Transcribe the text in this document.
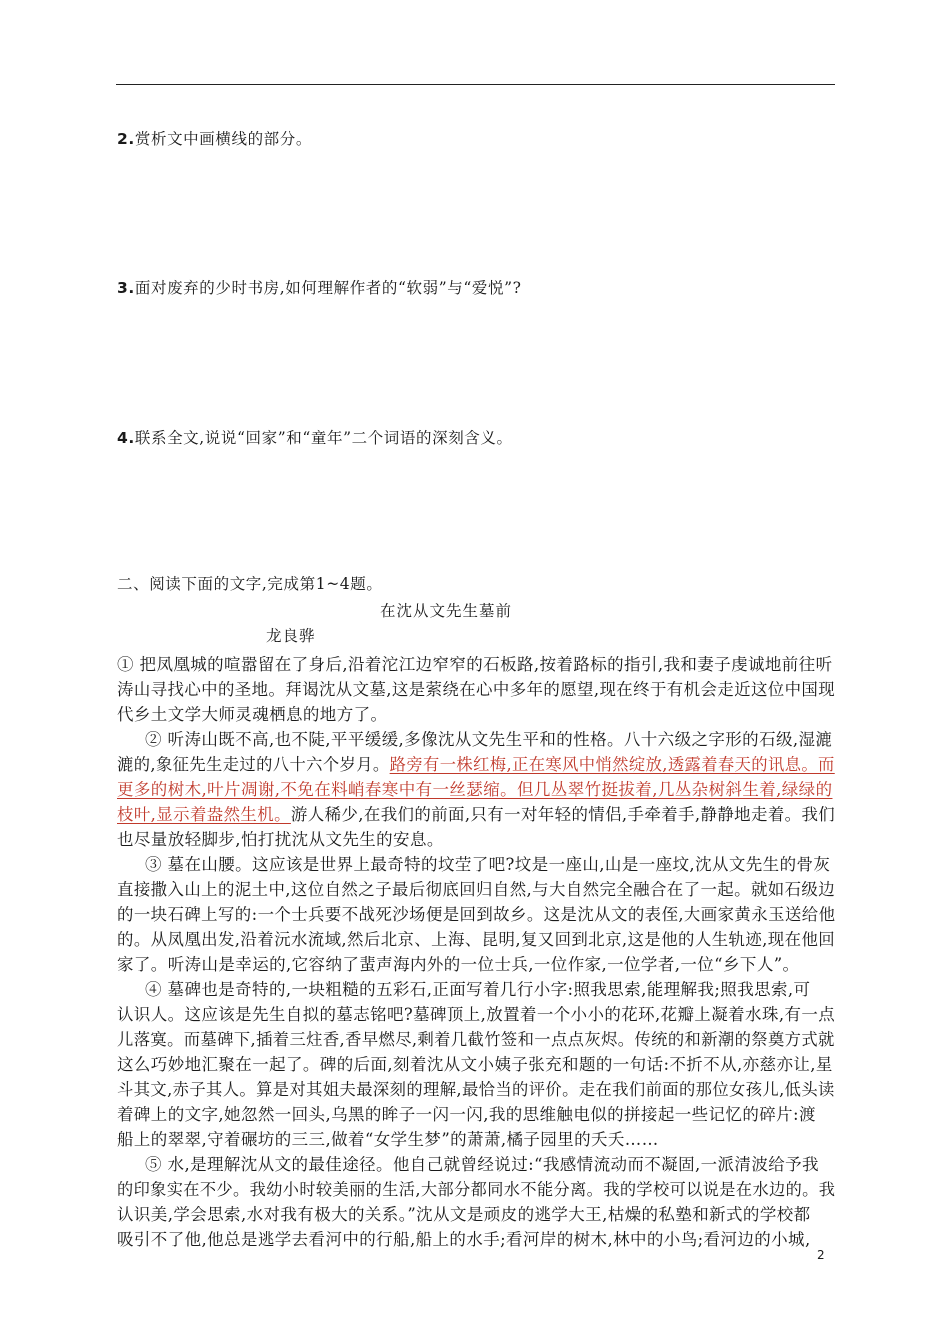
2.赏析文中画横线的部分。
3.面对废弃的少时书房,如何理解作者的“软弱”与“爱悦”?
4.联系全文,说说“回家”和“童年”二个词语的深刻含义。
二、阅读下面的文字,完成第1~4题。
在沈从文先生墓前
龙良骅
① 把凤凰城的喧嚣留在了身后,沿着沱江边窄窄的石板路,按着路标的指引,我和妻子虔诚地前往听
涛山寻找心中的圣地。拜谒沈从文墓,这是萦绕在心中多年的愿望,现在终于有机会走近这位中国现
代乡土文学大师灵魂栖息的地方了。
② 听涛山既不高,也不陡,平平缓缓,多像沈从文先生平和的性格。八十六级之字形的石级,湿漉
漉的,象征先生走过的八十六个岁月。路旁有一株红梅,正在寒风中悄然绽放,透露着春天的讯息。而
更多的树木,叶片凋谢,不免在料峭春寒中有一丝瑟缩。但几丛翠竹挺拔着,几丛杂树斜生着,绿绿的
枝叶,显示着盎然生机。游人稀少,在我们的前面,只有一对年轻的情侣,手牵着手,静静地走着。我们
也尽量放轻脚步,怕打扰沈从文先生的安息。
③ 墓在山腰。这应该是世界上最奇特的坟茔了吧?坟是一座山,山是一座坟,沈从文先生的骨灰
直接撒入山上的泥土中,这位自然之子最后彻底回归自然,与大自然完全融合在了一起。就如石级边
的一块石碑上写的:一个士兵要不战死沙场便是回到故乡。这是沈从文的表侄,大画家黄永玉送给他
的。从凤凰出发,沿着沅水流域,然后北京、上海、昆明,复又回到北京,这是他的人生轨迹,现在他回
家了。听涛山是幸运的,它容纳了蜚声海内外的一位士兵,一位作家,一位学者,一位“乡下人”。
④ 墓碑也是奇特的,一块粗糙的五彩石,正面写着几行小字:照我思索,能理解我;照我思索,可
认识人。这应该是先生自拟的墓志铭吧?墓碑顶上,放置着一个小小的花环,花瓣上凝着水珠,有一点
儿落寞。而墓碑下,插着三炷香,香早燃尽,剩着几截竹签和一点点灰烬。传统的和新潮的祭奠方式就
这么巧妙地汇聚在一起了。碑的后面,刻着沈从文小姨子张充和题的一句话:不折不从,亦慈亦让,星
斗其文,赤子其人。算是对其姐夫最深刻的理解,最恰当的评价。走在我们前面的那位女孩儿,低头读
着碑上的文字,她忽然一回头,乌黑的眸子一闪一闪,我的思维触电似的拼接起一些记忆的碎片:渡
船上的翠翠,守着碾坊的三三,做着“女学生梦”的萧萧,橘子园里的夭夭……
⑤ 水,是理解沈从文的最佳途径。他自己就曾经说过:“我感情流动而不凝固,一派清波给予我
的印象实在不少。我幼小时较美丽的生活,大部分都同水不能分离。我的学校可以说是在水边的。我
认识美,学会思索,水对我有极大的关系。”沈从文是顽皮的逃学大王,枯燥的私塾和新式的学校都
吸引不了他,他总是逃学去看河中的行船,船上的水手;看河岸的树木,林中的小鸟;看河边的小城,
2
